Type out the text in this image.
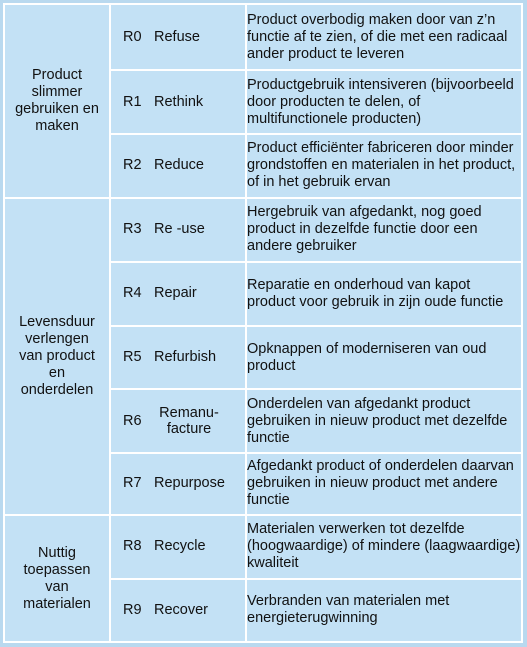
Product slimmer gebruiken en maken	R0 Refuse	Product overbodig maken door van z’n functie af te zien, of die met een radicaal ander product te leveren

	R1 Rethink	Productgebruik intensiveren (bijvoorbeeld door producten te delen, of multifunctionele producten)

	R2 Reduce	Product efficiënter fabriceren door minder grondstoffen en materialen in het product, of in het gebruik ervan

Levensduur verlengen van product en onderdelen	R3 Re -use	Hergebruik van afgedankt, nog goed product in dezelfde functie door een andere gebruiker

	R4 Repair	Reparatie en onderhoud van kapot product voor gebruik in zijn oude functie

	R5 Refurbish	Opknappen of moderniseren van oud product

	R6 Remanu-facture	Onderdelen van afgedankt product gebruiken in nieuw product met dezelfde functie

	R7 Repurpose	Afgedankt product of onderdelen daarvan gebruiken in nieuw product met andere functie

Nuttig toepassen van materialen	R8 Recycle	Materialen verwerken tot dezelfde (hoogwaardige) of mindere (laagwaardige) kwaliteit

	R9 Recover	Verbranden van materialen met energieterugwinning
